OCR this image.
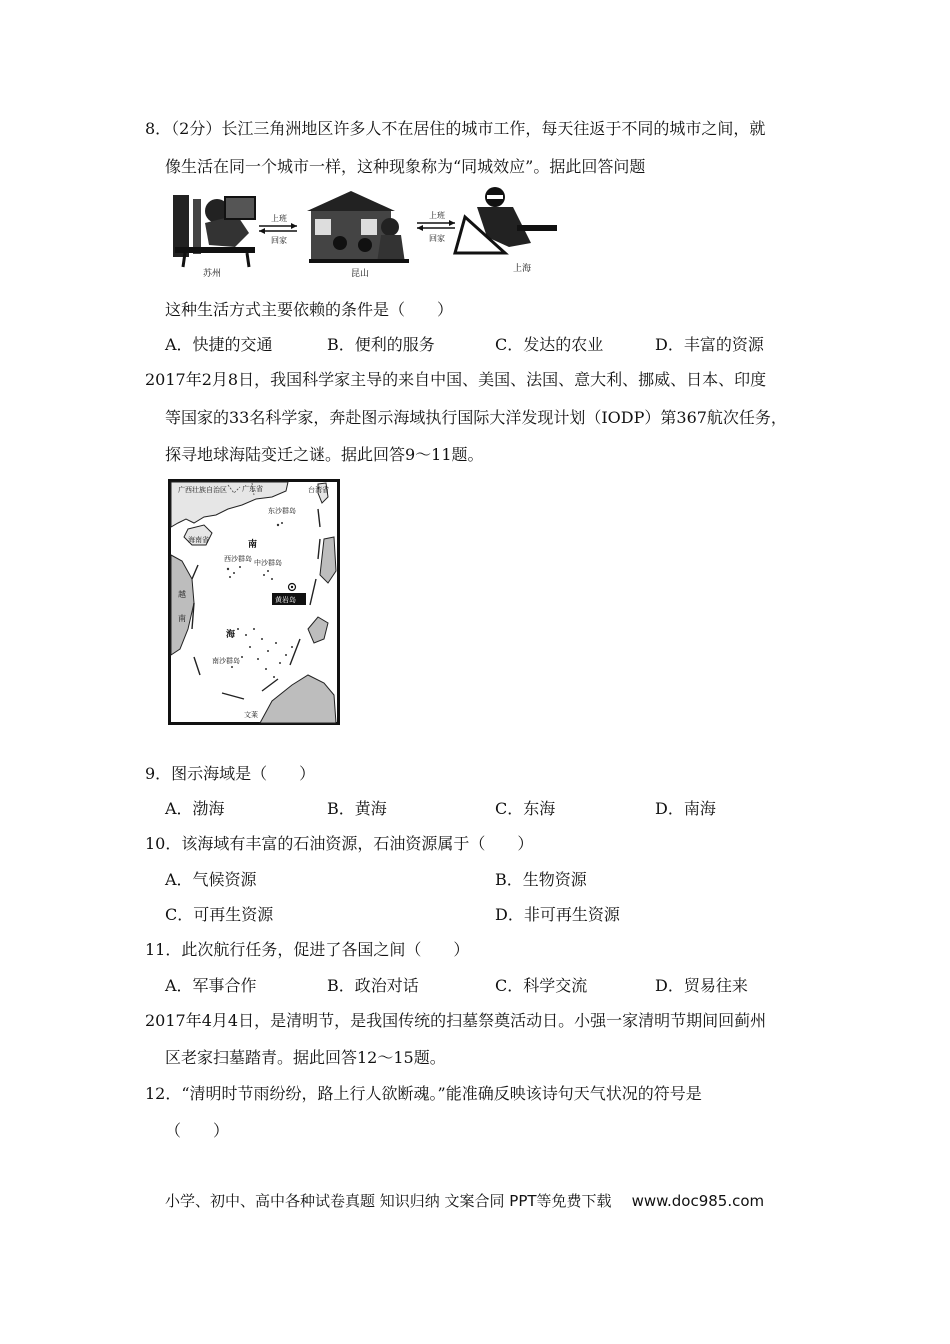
8．（2分）长江三角洲地区许多人不在居住的城市工作，每天往返于不同的城市之间，就
像生活在同一个城市一样，这种现象称为“同城效应”。据此回答问题
苏州
上班
回家
昆山
上班
回家
上海
这种生活方式主要依赖的条件是（　　）
A．快捷的交通	B．便利的服务	C．发达的农业	D．丰富的资源
2017年2月8日，我国科学家主导的来自中国、美国、法国、意大利、挪威、日本、印度
等国家的33名科学家，奔赴图示海域执行国际大洋发现计划（IODP）第367航次任务，
探寻地球海陆变迁之谜。据此回答9～11题。
广西壮族自治区 广东省	台湾省
海南省
东沙群岛
南
西沙群岛 中沙群岛
黄岩岛
越
南
海
南沙群岛
文莱
9．图示海域是（　　）
A．渤海	B．黄海	C．东海	D．南海
10．该海域有丰富的石油资源，石油资源属于（　　）
A．气候资源	B．生物资源
C．可再生资源	D．非可再生资源
11．此次航行任务，促进了各国之间（　　）
A．军事合作	B．政治对话	C．科学交流	D．贸易往来
2017年4月4日，是清明节，是我国传统的扫墓祭奠活动日。小强一家清明节期间回蓟州
区老家扫墓踏青。据此回答12～15题。
12．“清明时节雨纷纷，路上行人欲断魂。”能准确反映该诗句天气状况的符号是
（　　）
小学、初中、高中各种试卷真题 知识归纳 文案合同 PPT等免费下载 www.doc985.com
